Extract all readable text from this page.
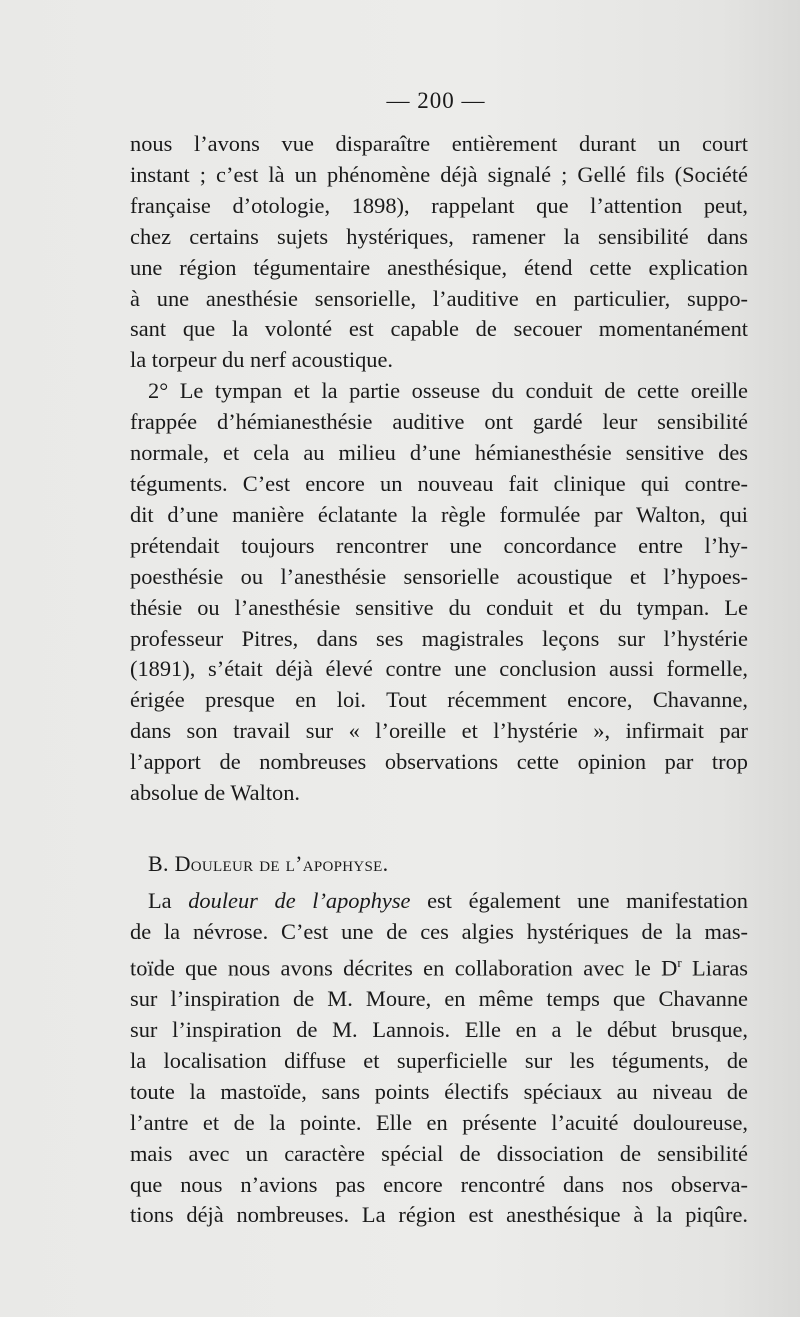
— 200 —
nous l’avons vue disparaître entièrement durant un court
instant ; c’est là un phénomène déjà signalé ; Gellé fils (Société
française d’otologie, 1898), rappelant que l’attention peut,
chez certains sujets hystériques, ramener la sensibilité dans
une région tégumentaire anesthésique, étend cette explication
à une anesthésie sensorielle, l’auditive en particulier, suppo-
sant que la volonté est capable de secouer momentanément
la torpeur du nerf acoustique.
2° Le tympan et la partie osseuse du conduit de cette oreille
frappée d’hémianesthésie auditive ont gardé leur sensibilité
normale, et cela au milieu d’une hémianesthésie sensitive des
téguments. C’est encore un nouveau fait clinique qui contre-
dit d’une manière éclatante la règle formulée par Walton, qui
prétendait toujours rencontrer une concordance entre l’hy-
poesthésie ou l’anesthésie sensorielle acoustique et l’hypoes-
thésie ou l’anesthésie sensitive du conduit et du tympan. Le
professeur Pitres, dans ses magistrales leçons sur l’hystérie
(1891), s’était déjà élevé contre une conclusion aussi formelle,
érigée presque en loi. Tout récemment encore, Chavanne,
dans son travail sur « l’oreille et l’hystérie », infirmait par
l’apport de nombreuses observations cette opinion par trop
absolue de Walton.
B. Douleur de l’apophyse.
La douleur de l’apophyse est également une manifestation
de la névrose. C’est une de ces algies hystériques de la mas-
toïde que nous avons décrites en collaboration avec le $D^r$ Liaras
sur l’inspiration de M. Moure, en même temps que Chavanne
sur l’inspiration de M. Lannois. Elle en a le début brusque,
la localisation diffuse et superficielle sur les téguments, de
toute la mastoïde, sans points électifs spéciaux au niveau de
l’antre et de la pointe. Elle en présente l’acuité douloureuse,
mais avec un caractère spécial de dissociation de sensibilité
que nous n’avions pas encore rencontré dans nos observa-
tions déjà nombreuses. La région est anesthésique à la piqûre.
